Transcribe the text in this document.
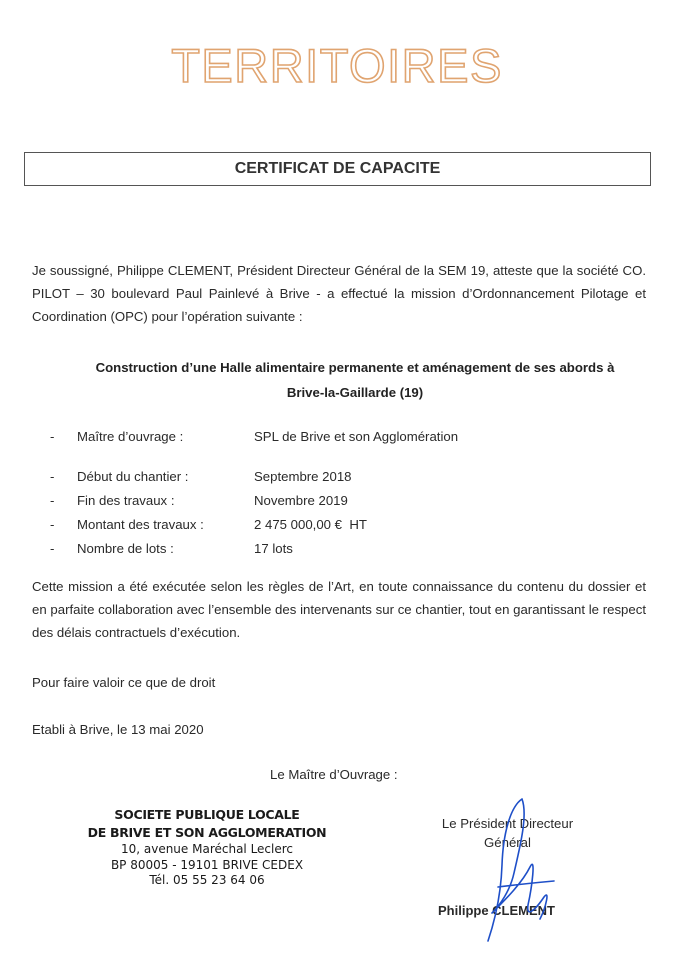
TERRITOIRES
CERTIFICAT DE CAPACITE
Je soussigné, Philippe CLEMENT, Président Directeur Général de la SEM 19, atteste que la société CO. PILOT – 30 boulevard Paul Painlevé à Brive - a effectué la mission d’Ordonnancement Pilotage et Coordination (OPC) pour l’opération suivante :
Construction d’une Halle alimentaire permanente et aménagement de ses abords à
Brive-la-Gaillarde (19)
- Maître d’ouvrage :	SPL de Brive et son Agglomération
- Début du chantier :	Septembre 2018
- Fin des travaux :	Novembre 2019
- Montant des travaux :	2 475 000,00 €  HT
- Nombre de lots :	17 lots
Cette mission a été exécutée selon les règles de l’Art, en toute connaissance du contenu du dossier et en parfaite collaboration avec l’ensemble des intervenants sur ce chantier, tout en garantissant le respect des délais contractuels d’exécution.
Pour faire valoir ce que de droit
Etabli à Brive, le 13 mai 2020
Le Maître d’Ouvrage :
SOCIETE PUBLIQUE LOCALE
DE BRIVE ET SON AGGLOMERATION
10, avenue Maréchal Leclerc
BP 80005 - 19101 BRIVE CEDEX
Tél. 05 55 23 64 06
Le Président Directeur
Général
Philippe CLEMENT
